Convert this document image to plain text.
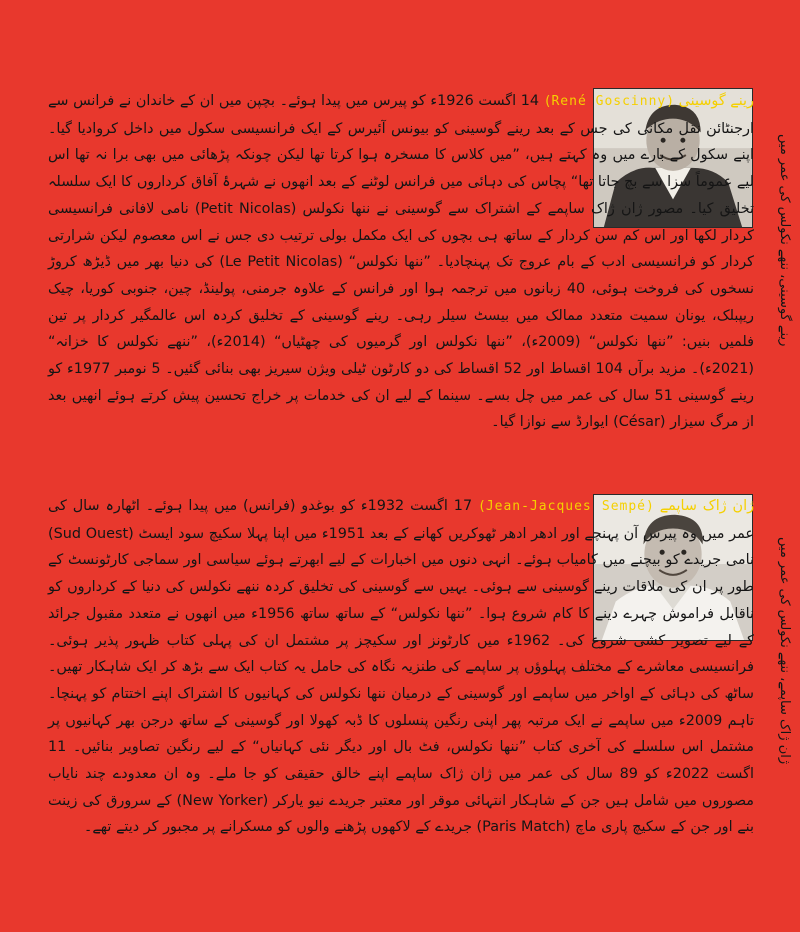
رینے گوسینی، ننھے نکولس کی عمر میں

رینے گوسینی (René Goscinny) 14 اگست 1926ء کو پیرس میں پیدا ہوئے۔ بچپن میں ان کے خاندان نے فرانس سے ارجنٹائن نقل مکانی کی جس کے بعد رینے گوسینی کو بیونس آئیرس کے ایک فرانسیسی سکول میں داخل کروادیا گیا۔ اپنے سکول کے بارے میں وہ کہتے ہیں، ”میں کلاس کا مسخرہ ہوا کرتا تھا لیکن چونکہ پڑھائی میں بھی برا نہ تھا اس لیے عموماً سزا سے بچ جاتا تھا“ پچاس کی دہائی میں فرانس لوٹنے کے بعد انھوں نے شہرۂ آفاق کرداروں کا ایک سلسلہ تخلیق کیا۔ مصور ژان ژاک ساپمے کے اشتراک سے گوسینی نے ننھا نکولس (Petit Nicolas) نامی لافانی فرانسیسی کردار لکھا اور اس کم سن کردار کے ساتھ ہی بچوں کی ایک مکمل بولی ترتیب دی جس نے اس معصوم لیکن شرارتی کردار کو فرانسیسی ادب کے بام عروج تک پہنچادیا۔ ”ننھا نکولس“ (Le Petit Nicolas) کی دنیا بھر میں ڈیڑھ کروڑ نسخوں کی فروخت ہوئی، 40 زبانوں میں ترجمہ ہوا اور فرانس کے علاوہ جرمنی، پولینڈ، چین، جنوبی کوریا، چیک ریپبلک، یونان سمیت متعدد ممالک میں بیسٹ سیلر رہی۔ رینے گوسینی کے تخلیق کردہ اس عالمگیر کردار پر تین فلمیں بنیں: ”ننھا نکولس“ (2009ء)، ”ننھا نکولس اور گرمیوں کی چھٹیاں“ (2014ء)، ”ننھے نکولس کا خزانہ“ (2021ء)۔ مزید برآں 104 اقساط اور 52 اقساط کی دو کارٹون ٹیلی ویژن سیریز بھی بنائی گئیں۔ 5 نومبر 1977ء کو رینے گوسینی 51 سال کی عمر میں چل بسے۔ سینما کے لیے ان کی خدمات پر خراج تحسین پیش کرتے ہوئے انھیں بعد از مرگ سیزار (César) ایوارڈ سے نوازا گیا۔

ژان ژاک ساپمے، ننھے نکولس کی عمر میں

ژان ژاک ساپمے (Jean-Jacques Sempé) 17 اگست 1932ء کو بوغدو (فرانس) میں پیدا ہوئے۔ اٹھارہ سال کی عمر میں وہ پیرس آن پہنچے اور ادھر ادھر ٹھوکریں کھانے کے بعد 1951ء میں اپنا پہلا سکیچ سود ایسٹ (Sud Ouest) نامی جریدے کو بیچنے میں کامیاب ہوئے۔ انہی دنوں میں اخبارات کے لیے ابھرتے ہوئے سیاسی اور سماجی کارٹونسٹ کے طور پر ان کی ملاقات رینے گوسینی سے ہوئی۔ یہیں سے گوسینی کی تخلیق کردہ ننھے نکولس کی دنیا کے کرداروں کو ناقابل فراموش چہرے دینے کا کام شروع ہوا۔ ”ننھا نکولس“ کے ساتھ ساتھ 1956ء میں انھوں نے متعدد مقبول جرائد کے لیے تصویر کشی شروع کی۔ 1962ء میں کارٹونز اور سکیچز پر مشتمل ان کی پہلی کتاب ظہور پذیر ہوئی۔ فرانسیسی معاشرے کے مختلف پہلوؤں پر ساپمے کی طنزیہ نگاہ کی حامل یہ کتاب ایک سے بڑھ کر ایک شاہکار تھیں۔ ساٹھ کی دہائی کے اواخر میں ساپمے اور گوسینی کے درمیان ننھا نکولس کی کہانیوں کا اشتراک اپنے اختتام کو پہنچا۔ تاہم 2009ء میں ساپمے نے ایک مرتبہ پھر اپنی رنگین پنسلوں کا ڈبہ کھولا اور گوسینی کے ساتھ درجن بھر کہانیوں پر مشتمل اس سلسلے کی آخری کتاب ”ننھا نکولس، فٹ بال اور دیگر نئی کہانیاں“ کے لیے رنگین تصاویر بنائیں۔ 11 اگست 2022ء کو 89 سال کی عمر میں ژان ژاک ساپمے اپنے خالق حقیقی کو جا ملے۔ وہ ان معدودے چند نایاب مصوروں میں شامل ہیں جن کے شاہکار انتہائی موقر اور معتبر جریدے نیو یارکر (New Yorker) کے سرورق کی زینت بنے اور جن کے سکیچ پاری ماچ (Paris Match) جریدے کے لاکھوں پڑھنے والوں کو مسکرانے پر مجبور کر دیتے تھے۔
